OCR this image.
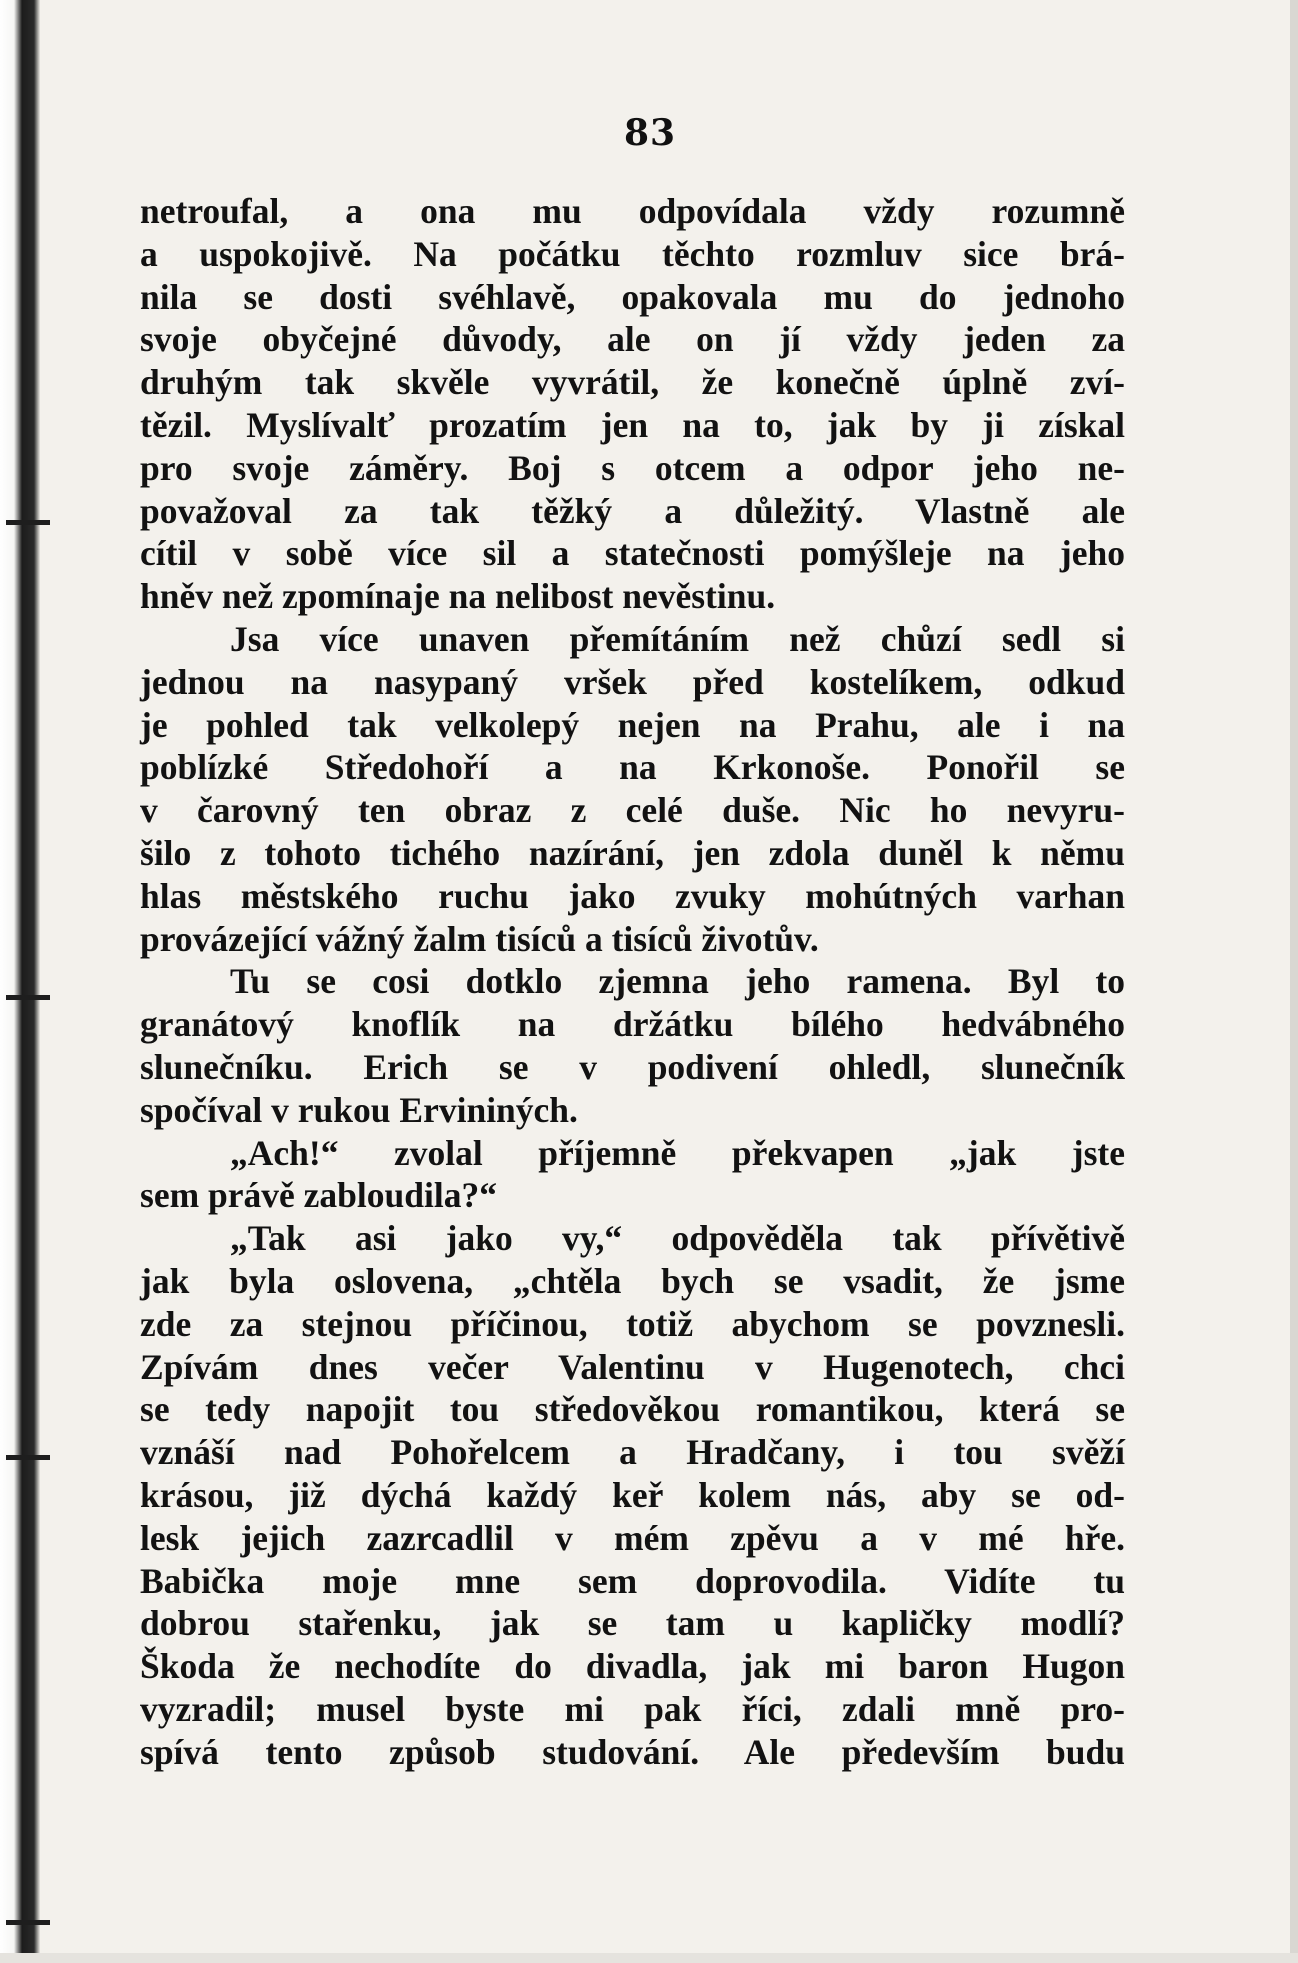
83
netroufal, a ona mu odpovídala vždy rozumně
a uspokojivě. Na počátku těchto rozmluv sice brá-
nila se dosti svéhlavě, opakovala mu do jednoho
svoje obyčejné důvody, ale on jí vždy jeden za
druhým tak skvěle vyvrátil, že konečně úplně zví-
tězil. Myslívalť prozatím jen na to, jak by ji získal
pro svoje záměry. Boj s otcem a odpor jeho ne-
považoval za tak těžký a důležitý. Vlastně ale
cítil v sobě více sil a statečnosti pomýšleje na jeho
hněv než zpomínaje na nelibost nevěstinu.
Jsa více unaven přemítáním než chůzí sedl si
jednou na nasypaný vršek před kostelíkem, odkud
je pohled tak velkolepý nejen na Prahu, ale i na
poblízké Středohoří a na Krkonoše. Ponořil se
v čarovný ten obraz z celé duše. Nic ho nevyru-
šilo z tohoto tichého nazírání, jen zdola duněl k němu
hlas městského ruchu jako zvuky mohútných varhan
provázející vážný žalm tisíců a tisíců životův.
Tu se cosi dotklo zjemna jeho ramena. Byl to
granátový knoflík na držátku bílého hedvábného
slunečníku. Erich se v podivení ohledl, slunečník
spočíval v rukou Ervininých.
„Ach!“ zvolal příjemně překvapen „jak jste
sem právě zabloudila?“
„Tak asi jako vy,“ odpověděla tak přívětivě
jak byla oslovena, „chtěla bych se vsadit, že jsme
zde za stejnou příčinou, totiž abychom se povznesli.
Zpívám dnes večer Valentinu v Hugenotech, chci
se tedy napojit tou středověkou romantikou, která se
vznáší nad Pohořelcem a Hradčany, i tou svěží
krásou, již dýchá každý keř kolem nás, aby se od-
lesk jejich zazrcadlil v mém zpěvu a v mé hře.
Babička moje mne sem doprovodila. Vidíte tu
dobrou stařenku, jak se tam u kapličky modlí?
Škoda že nechodíte do divadla, jak mi baron Hugon
vyzradil; musel byste mi pak říci, zdali mně pro-
spívá tento způsob studování. Ale především budu
